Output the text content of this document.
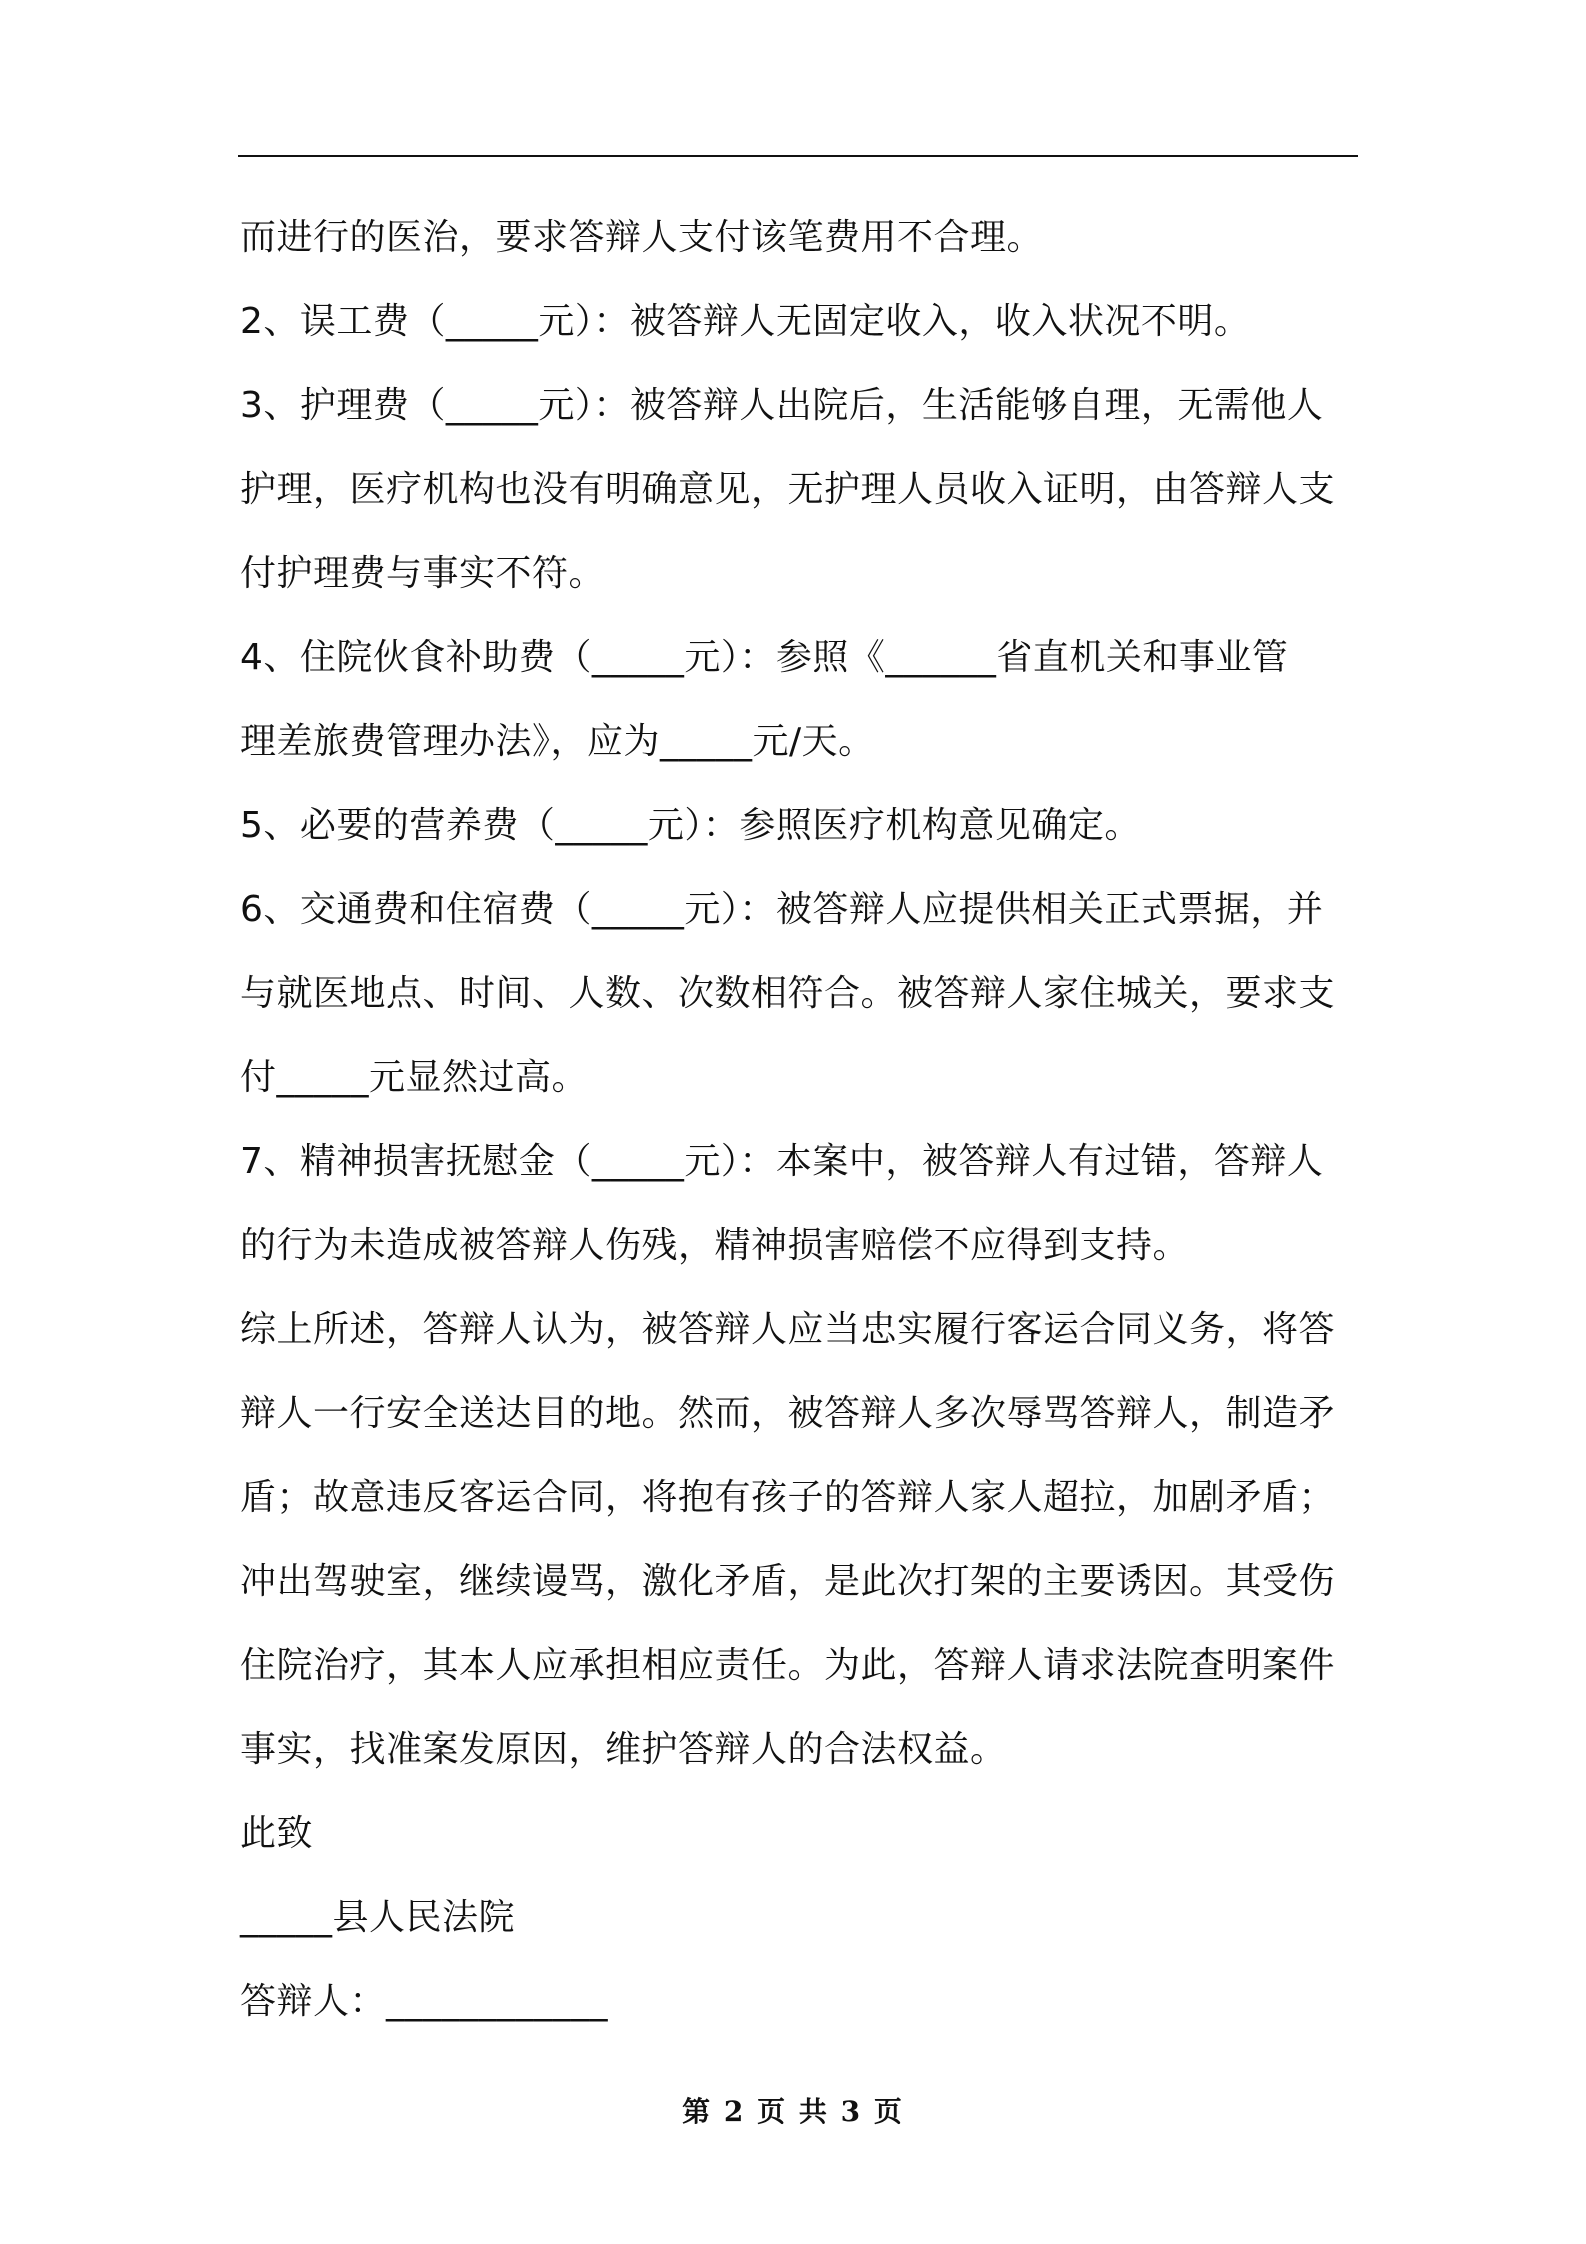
而进行的医治，要求答辩人支付该笔费用不合理。
2、误工费（_____元）：被答辩人无固定收入，收入状况不明。
3、护理费（_____元）：被答辩人出院后，生活能够自理，无需他人
护理，医疗机构也没有明确意见，无护理人员收入证明，由答辩人支
付护理费与事实不符。
4、住院伙食补助费（_____元）：参照《______省直机关和事业管
理差旅费管理办法》，应为_____元/天。
5、必要的营养费（_____元）：参照医疗机构意见确定。
6、交通费和住宿费（_____元）：被答辩人应提供相关正式票据，并
与就医地点、时间、人数、次数相符合。被答辩人家住城关，要求支
付_____元显然过高。
7、精神损害抚慰金（_____元）：本案中，被答辩人有过错，答辩人
的行为未造成被答辩人伤残，精神损害赔偿不应得到支持。
综上所述，答辩人认为，被答辩人应当忠实履行客运合同义务，将答
辩人一行安全送达目的地。然而，被答辩人多次辱骂答辩人，制造矛
盾；故意违反客运合同，将抱有孩子的答辩人家人超拉，加剧矛盾；
冲出驾驶室，继续谩骂，激化矛盾，是此次打架的主要诱因。其受伤
住院治疗，其本人应承担相应责任。为此，答辩人请求法院查明案件
事实，找准案发原因，维护答辩人的合法权益。
此致
_____县人民法院
答辩人：____________
第 2 页 共 3 页
